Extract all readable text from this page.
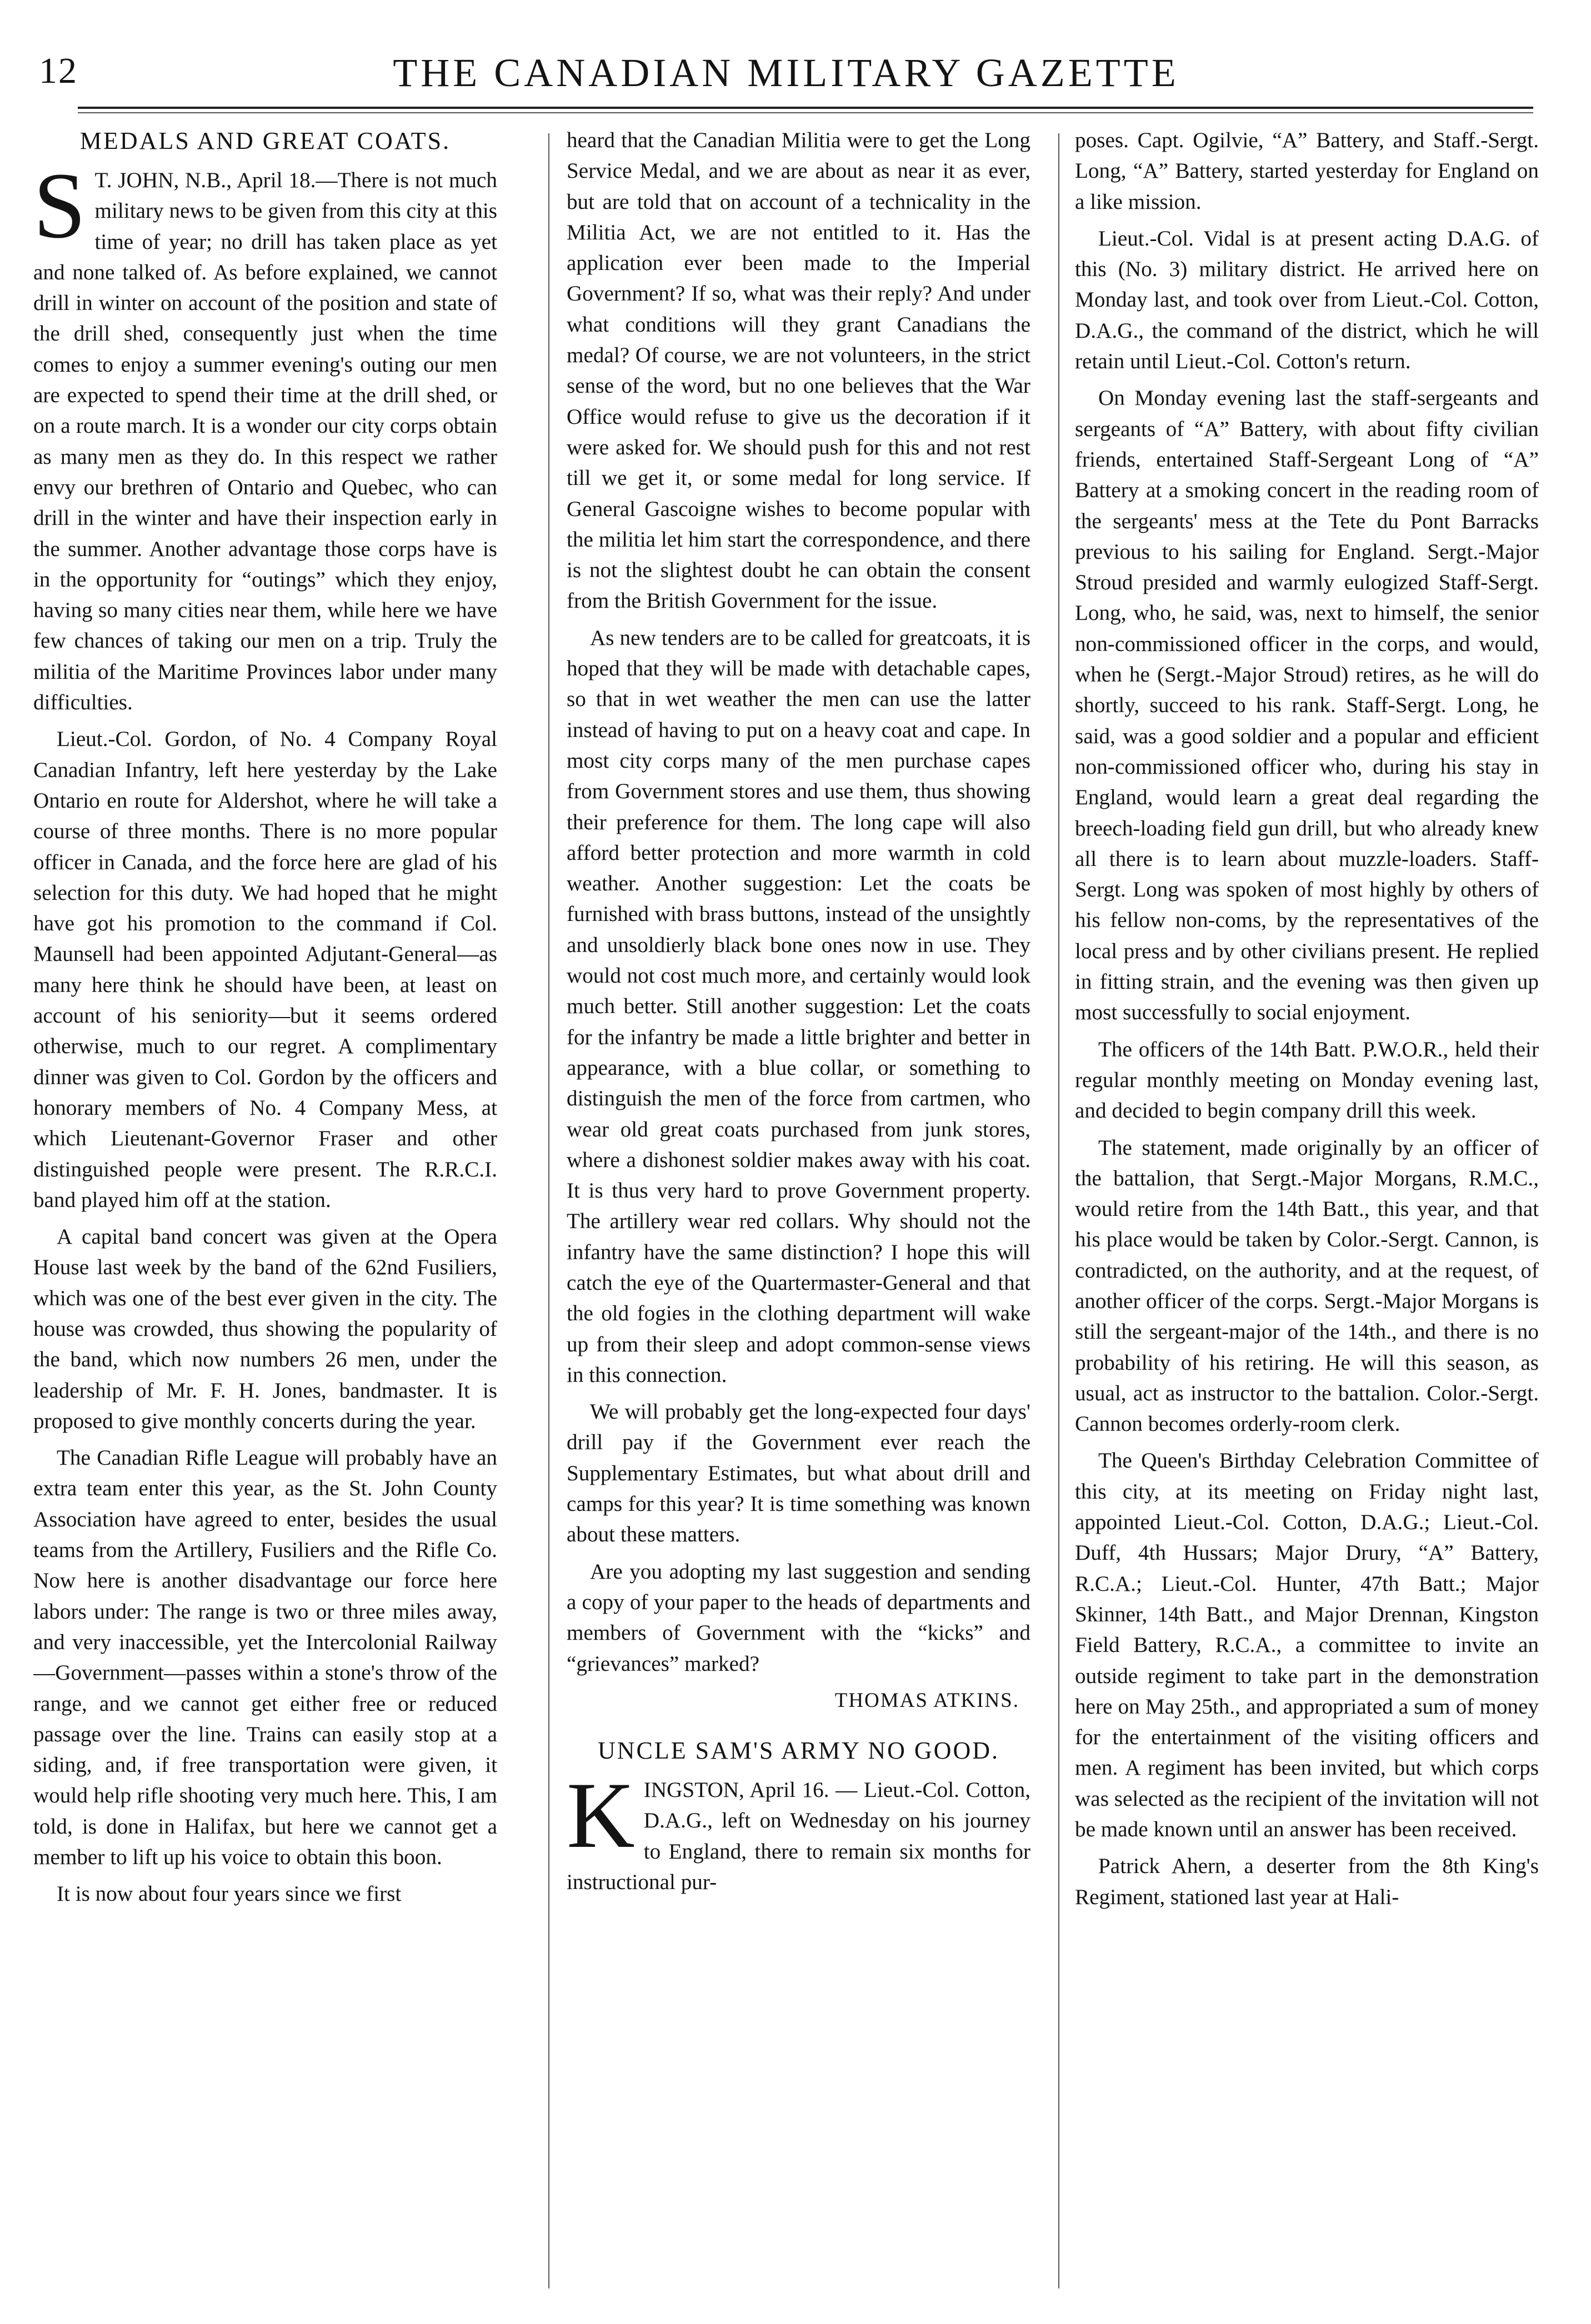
12	THE CANADIAN MILITARY GAZETTE
MEDALS AND GREAT COATS.

S T. JOHN, N.B., April 18.—There is not much military news to be given from this city at this time of year; no drill has taken place as yet and none talked of. As before explained, we cannot drill in winter on account of the position and state of the drill shed, consequently just when the time comes to enjoy a summer evening's outing our men are expected to spend their time at the drill shed, or on a route march. It is a wonder our city corps obtain as many men as they do. In this respect we rather envy our brethren of Ontario and Quebec, who can drill in the winter and have their inspection early in the summer. Another advantage those corps have is in the opportunity for “outings” which they enjoy, having so many cities near them, while here we have few chances of taking our men on a trip. Truly the militia of the Maritime Provinces labor under many difficulties.

Lieut.-Col. Gordon, of No. 4 Company Royal Canadian Infantry, left here yesterday by the Lake Ontario en route for Aldershot, where he will take a course of three months. There is no more popular officer in Canada, and the force here are glad of his selection for this duty. We had hoped that he might have got his promotion to the command if Col. Maunsell had been appointed Adjutant-General—as many here think he should have been, at least on account of his seniority—but it seems ordered otherwise, much to our regret. A complimentary dinner was given to Col. Gordon by the officers and honorary members of No. 4 Company Mess, at which Lieutenant-Governor Fraser and other distinguished people were present. The R.R.C.I. band played him off at the station.

A capital band concert was given at the Opera House last week by the band of the 62nd Fusiliers, which was one of the best ever given in the city. The house was crowded, thus showing the popularity of the band, which now numbers 26 men, under the leadership of Mr. F. H. Jones, bandmaster. It is proposed to give monthly concerts during the year.

The Canadian Rifle League will probably have an extra team enter this year, as the St. John County Association have agreed to enter, besides the usual teams from the Artillery, Fusiliers and the Rifle Co. Now here is another disadvantage our force here labors under: The range is two or three miles away, and very inaccessible, yet the Intercolonial Railway—Government—passes within a stone's throw of the range, and we cannot get either free or reduced passage over the line. Trains can easily stop at a siding, and, if free transportation were given, it would help rifle shooting very much here. This, I am told, is done in Halifax, but here we cannot get a member to lift up his voice to obtain this boon.

It is now about four years since we first

heard that the Canadian Militia were to get the Long Service Medal, and we are about as near it as ever, but are told that on account of a technicality in the Militia Act, we are not entitled to it. Has the application ever been made to the Imperial Government? If so, what was their reply? And under what conditions will they grant Canadians the medal? Of course, we are not volunteers, in the strict sense of the word, but no one believes that the War Office would refuse to give us the decoration if it were asked for. We should push for this and not rest till we get it, or some medal for long service. If General Gascoigne wishes to become popular with the militia let him start the correspondence, and there is not the slightest doubt he can obtain the consent from the British Government for the issue.

As new tenders are to be called for greatcoats, it is hoped that they will be made with detachable capes, so that in wet weather the men can use the latter instead of having to put on a heavy coat and cape. In most city corps many of the men purchase capes from Government stores and use them, thus showing their preference for them. The long cape will also afford better protection and more warmth in cold weather. Another suggestion: Let the coats be furnished with brass buttons, instead of the unsightly and unsoldierly black bone ones now in use. They would not cost much more, and certainly would look much better. Still another suggestion: Let the coats for the infantry be made a little brighter and better in appearance, with a blue collar, or something to distinguish the men of the force from cartmen, who wear old great coats purchased from junk stores, where a dishonest soldier makes away with his coat. It is thus very hard to prove Government property. The artillery wear red collars. Why should not the infantry have the same distinction? I hope this will catch the eye of the Quartermaster-General and that the old fogies in the clothing department will wake up from their sleep and adopt common-sense views in this connection.

We will probably get the long-expected four days' drill pay if the Government ever reach the Supplementary Estimates, but what about drill and camps for this year? It is time something was known about these matters.

Are you adopting my last suggestion and sending a copy of your paper to the heads of departments and members of Government with the “kicks” and “grievances” marked?

THOMAS ATKINS.

UNCLE SAM'S ARMY NO GOOD.

KINGSTON, April 16. — Lieut.-Col. Cotton, D.A.G., left on Wednesday on his journey to England, there to remain six months for instructional pur-

poses. Capt. Ogilvie, “A” Battery, and Staff.-Sergt. Long, “A” Battery, started yesterday for England on a like mission.

Lieut.-Col. Vidal is at present acting D.A.G. of this (No. 3) military district. He arrived here on Monday last, and took over from Lieut.-Col. Cotton, D.A.G., the command of the district, which he will retain until Lieut.-Col. Cotton's return.

On Monday evening last the staff-sergeants and sergeants of “A” Battery, with about fifty civilian friends, entertained Staff-Sergeant Long of “A” Battery at a smoking concert in the reading room of the sergeants' mess at the Tete du Pont Barracks previous to his sailing for England. Sergt.-Major Stroud presided and warmly eulogized Staff-Sergt. Long, who, he said, was, next to himself, the senior non-commissioned officer in the corps, and would, when he (Sergt.-Major Stroud) retires, as he will do shortly, succeed to his rank. Staff-Sergt. Long, he said, was a good soldier and a popular and efficient non-commissioned officer who, during his stay in England, would learn a great deal regarding the breech-loading field gun drill, but who already knew all there is to learn about muzzle-loaders. Staff-Sergt. Long was spoken of most highly by others of his fellow non-coms, by the representatives of the local press and by other civilians present. He replied in fitting strain, and the evening was then given up most successfully to social enjoyment.

The officers of the 14th Batt. P.W.O.R., held their regular monthly meeting on Monday evening last, and decided to begin company drill this week.

The statement, made originally by an officer of the battalion, that Sergt.-Major Morgans, R.M.C., would retire from the 14th Batt., this year, and that his place would be taken by Color.-Sergt. Cannon, is contradicted, on the authority, and at the request, of another officer of the corps. Sergt.-Major Morgans is still the sergeant-major of the 14th., and there is no probability of his retiring. He will this season, as usual, act as instructor to the battalion. Color.-Sergt. Cannon becomes orderly-room clerk.

The Queen's Birthday Celebration Committee of this city, at its meeting on Friday night last, appointed Lieut.-Col. Cotton, D.A.G.; Lieut.-Col. Duff, 4th Hussars; Major Drury, “A” Battery, R.C.A.; Lieut.-Col. Hunter, 47th Batt.; Major Skinner, 14th Batt., and Major Drennan, Kingston Field Battery, R.C.A., a committee to invite an outside regiment to take part in the demonstration here on May 25th., and appropriated a sum of money for the entertainment of the visiting officers and men. A regiment has been invited, but which corps was selected as the recipient of the invitation will not be made known until an answer has been received.

Patrick Ahern, a deserter from the 8th King's Regiment, stationed last year at Hali-
